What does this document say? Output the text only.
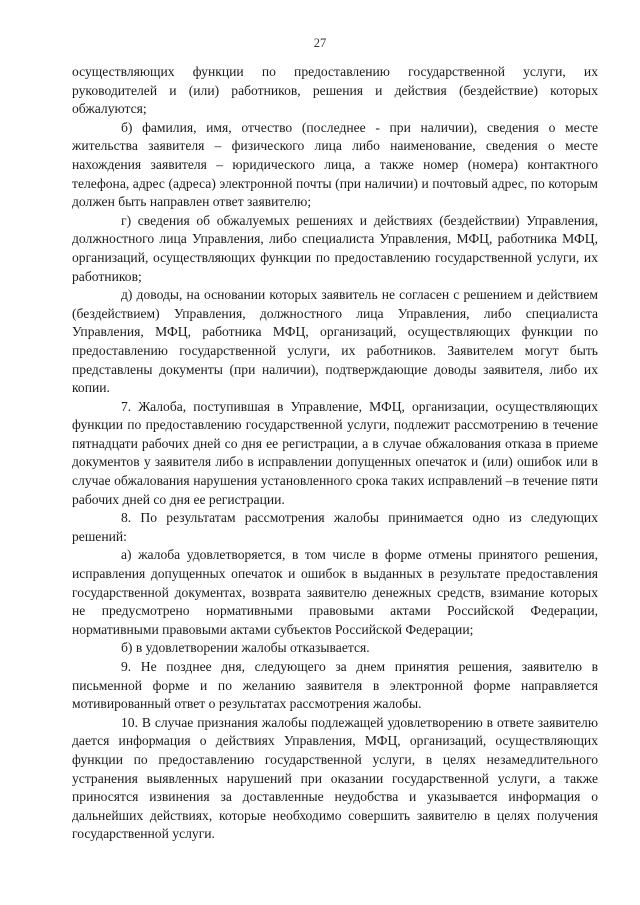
27

осуществляющих функции по предоставлению государственной услуги, их руководителей и (или) работников, решения и действия (бездействие) которых обжалуются;

б) фамилия, имя, отчество (последнее - при наличии), сведения о месте жительства заявителя – физического лица либо наименование, сведения о месте нахождения заявителя – юридического лица, а также номер (номера) контактного телефона, адрес (адреса) электронной почты (при наличии) и почтовый адрес, по которым должен быть направлен ответ заявителю;

г) сведения об обжалуемых решениях и действиях (бездействии) Управления, должностного лица Управления, либо специалиста Управления, МФЦ, работника МФЦ, организаций, осуществляющих функции по предоставлению государственной услуги, их работников;

д) доводы, на основании которых заявитель не согласен с решением и действием (бездействием) Управления, должностного лица Управления, либо специалиста Управления, МФЦ, работника МФЦ, организаций, осуществляющих функции по предоставлению государственной услуги, их работников. Заявителем могут быть представлены документы (при наличии), подтверждающие доводы заявителя, либо их копии.

7. Жалоба, поступившая в Управление, МФЦ, организации, осуществляющих функции по предоставлению государственной услуги, подлежит рассмотрению в течение пятнадцати рабочих дней со дня ее регистрации, а в случае обжалования отказа в приеме документов у заявителя либо в исправлении допущенных опечаток и (или) ошибок или в случае обжалования нарушения установленного срока таких исправлений –в течение пяти рабочих дней со дня ее регистрации.

8. По результатам рассмотрения жалобы принимается одно из следующих решений:

а) жалоба удовлетворяется, в том числе в форме отмены принятого решения, исправления допущенных опечаток и ошибок в выданных в результате предоставления государственной документах, возврата заявителю денежных средств, взимание которых не предусмотрено нормативными правовыми актами Российской Федерации, нормативными правовыми актами субъектов Российской Федерации;

б) в удовлетворении жалобы отказывается.

9. Не позднее дня, следующего за днем принятия решения, заявителю в письменной форме и по желанию заявителя в электронной форме направляется мотивированный ответ о результатах рассмотрения жалобы.

10. В случае признания жалобы подлежащей удовлетворению в ответе заявителю дается информация о действиях Управления, МФЦ, организаций, осуществляющих функции по предоставлению государственной услуги, в целях незамедлительного устранения выявленных нарушений при оказании государственной услуги, а также приносятся извинения за доставленные неудобства и указывается информация о дальнейших действиях, которые необходимо совершить заявителю в целях получения государственной услуги.
